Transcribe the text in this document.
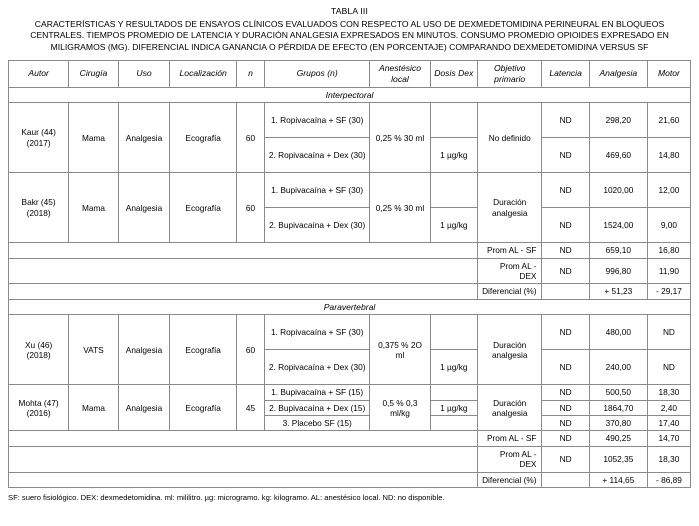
TABLA III
CARACTERÍSTICAS Y RESULTADOS DE ENSAYOS CLÍNICOS EVALUADOS CON RESPECTO AL USO DE DEXMEDETOMIDINA PERINEURAL EN BLOQUEOS CENTRALES. TIEMPOS PROMEDIO DE LATENCIA Y DURACIÓN ANALGESIA EXPRESADOS EN MINUTOS. CONSUMO PROMEDIO OPIOIDES EXPRESADO EN MILIGRAMOS (MG). DIFERENCIAL INDICA GANANCIA O PÉRDIDA DE EFECTO (EN PORCENTAJE) COMPARANDO DEXMEDETOMIDINA VERSUS SF
Autor	Cirugía	Uso	Localización	n	Grupos (n)	Anestésico local	Dosis Dex	Objetivo primario	Latencia	Analgesia	Motor
Interpectoral											
Kaur (44) (2017)	Mama	Analgesia	Ecografía	60	1. Ropivacaína + SF (30)	0,25 % 30 ml		No definido	ND	298,20	21,60
					2. Ropivacaína + Dex (30)		1 µg/kg		ND	469,60	14,80
Bakr (45) (2018)	Mama	Analgesia	Ecografía	60	1. Bupivacaína + SF (30)	0,25 % 30 ml		Duración analgesia	ND	1020,00	12,00
					2. Bupivacaína + Dex (30)		1 µg/kg		ND	1524,00	9,00
								Prom AL - SF	ND	659,10	16,80
								Prom AL - DEX	ND	996,80	11,90
								Diferencial (%)		+ 51,23	- 29,17
Paravertebral											
Xu (46) (2018)	VATS	Analgesia	Ecografía	60	1. Ropivacaína + SF (30)	0,375 % 2O ml		Duración analgesia	ND	480,00	ND
					2. Ropivacaína + Dex (30)		1 µg/kg		ND	240,00	ND
Mohta (47) (2016)	Mama	Analgesia	Ecografía	45	1. Bupivacaína + SF (15)	0,5 % 0,3 ml/kg		Duración analgesia	ND	500,50	18,30
					2. Bupivacaína + Dex (15)		1 µg/kg		ND	1864,70	2,40
					3. Placebo SF (15)				ND	370,80	17,40
								Prom AL - SF	ND	490,25	14,70
								Prom AL - DEX	ND	1052,35	18,30
								Diferencial (%)		+ 114,65	- 86,89
SF: suero fisiológico. DEX: dexmedetomidina. ml: mililitro. µg: microgramo. kg: kilogramo. AL: anestésico local. ND: no disponible.
